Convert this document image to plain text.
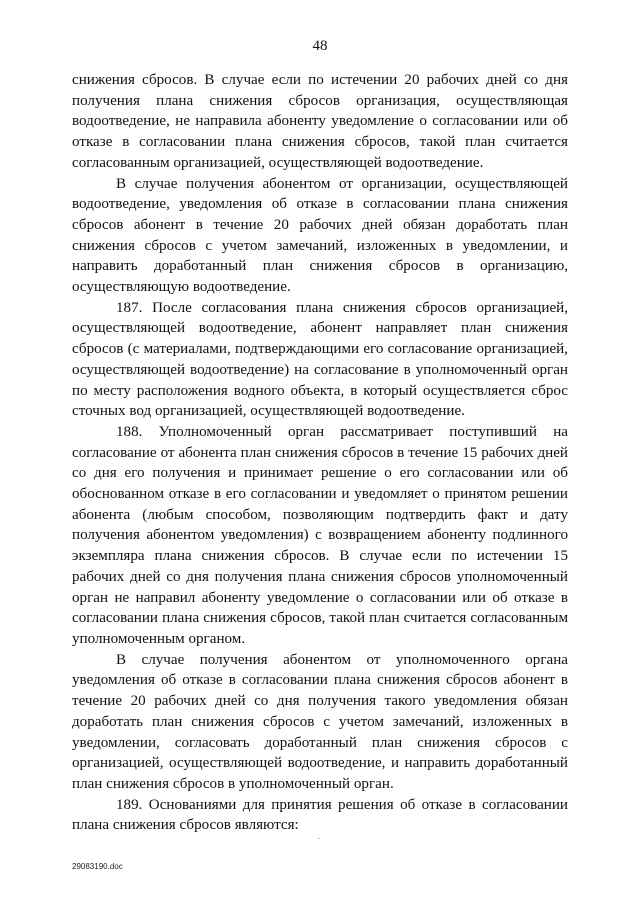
48

снижения сбросов. В случае если по истечении 20 рабочих дней со дня получения плана снижения сбросов организация, осуществляющая водоотведение, не направила абоненту уведомление о согласовании или об отказе в согласовании плана снижения сбросов, такой план считается согласованным организацией, осуществляющей водоотведение.

В случае получения абонентом от организации, осуществляющей водоотведение, уведомления об отказе в согласовании плана снижения сбросов абонент в течение 20 рабочих дней обязан доработать план снижения сбросов с учетом замечаний, изложенных в уведомлении, и направить доработанный план снижения сбросов в организацию, осуществляющую водоотведение.

187. После согласования плана снижения сбросов организацией, осуществляющей водоотведение, абонент направляет план снижения сбросов (с материалами, подтверждающими его согласование организацией, осуществляющей водоотведение) на согласование в уполномоченный орган по месту расположения водного объекта, в который осуществляется сброс сточных вод организацией, осуществляющей водоотведение.

188. Уполномоченный орган рассматривает поступивший на согласование от абонента план снижения сбросов в течение 15 рабочих дней со дня его получения и принимает решение о его согласовании или об обоснованном отказе в его согласовании и уведомляет о принятом решении абонента (любым способом, позволяющим подтвердить факт и дату получения абонентом уведомления) с возвращением абоненту подлинного экземпляра плана снижения сбросов. В случае если по истечении 15 рабочих дней со дня получения плана снижения сбросов уполномоченный орган не направил абоненту уведомление о согласовании или об отказе в согласовании плана снижения сбросов, такой план считается согласованным уполномоченным органом.

В случае получения абонентом от уполномоченного органа уведомления об отказе в согласовании плана снижения сбросов абонент в течение 20 рабочих дней со дня получения такого уведомления обязан доработать план снижения сбросов с учетом замечаний, изложенных в уведомлении, согласовать доработанный план снижения сбросов с организацией, осуществляющей водоотведение, и направить доработанный план снижения сбросов в уполномоченный орган.

189. Основаниями для принятия решения об отказе в согласовании плана снижения сбросов являются:

.
29083190.doc
